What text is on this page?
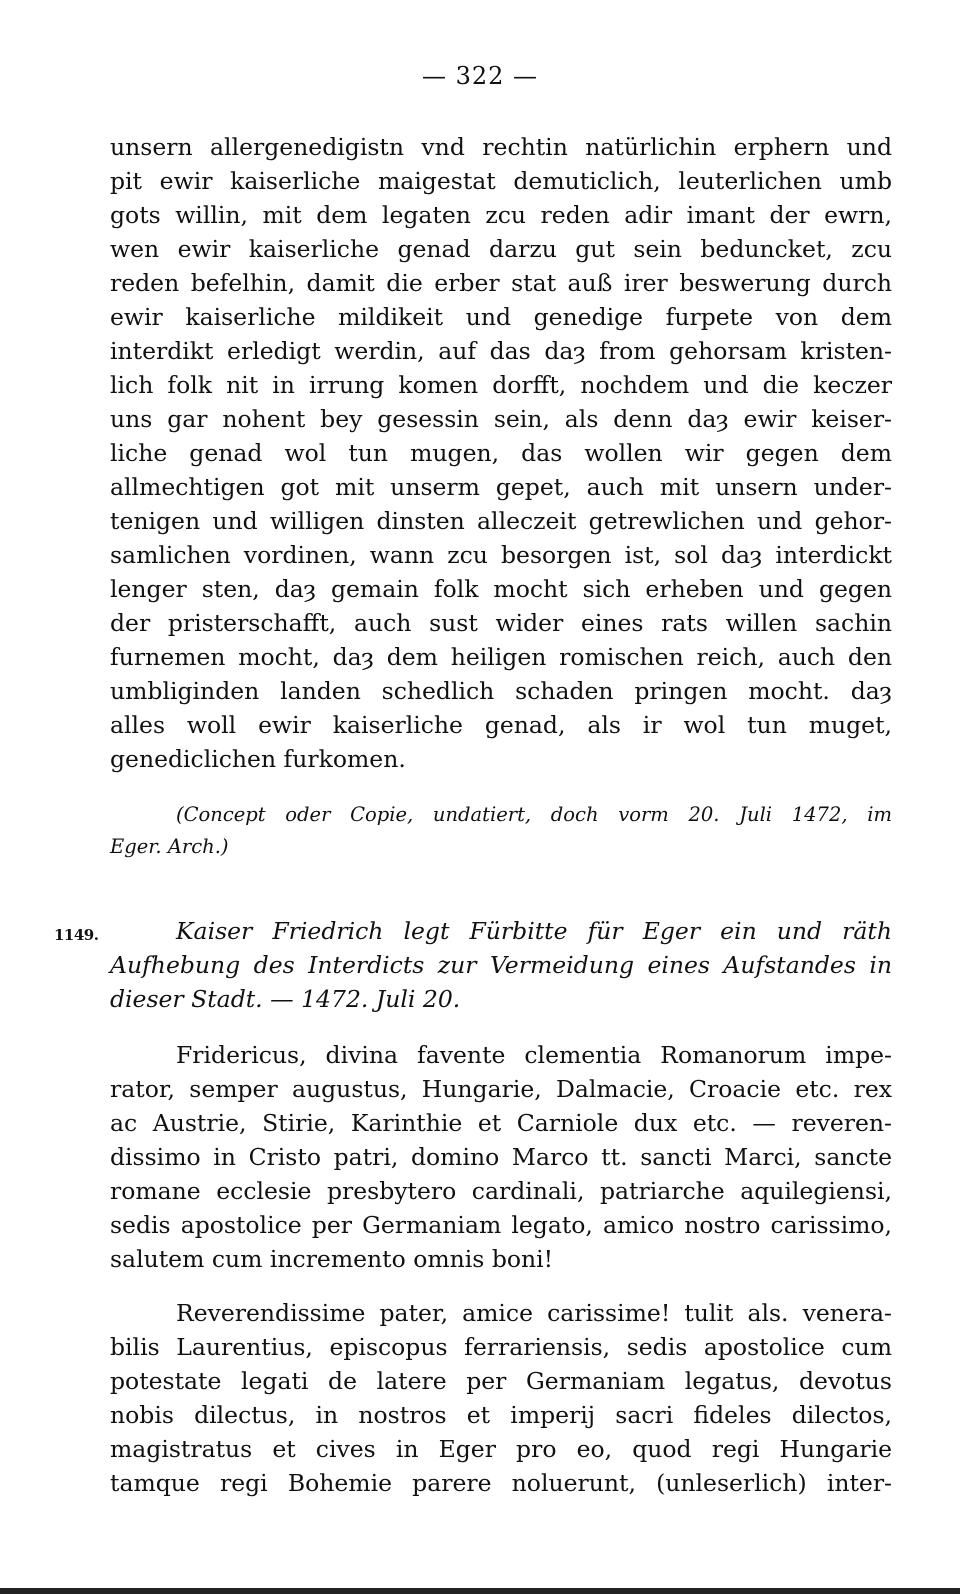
— 322 —
unsern allergenedigistn vnd rechtin natürlichin erphern und
pit ewir kaiserliche maigestat demuticlich, leuterlichen umb
gots willin, mit dem legaten zcu reden adir imant der ewrn,
wen ewir kaiserliche genad darzu gut sein beduncket, zcu
reden befelhin, damit die erber stat auß irer beswerung durch
ewir kaiserliche mildikeit und genedige furpete von dem
interdikt erledigt werdin, auf das daȝ from gehorsam kristen-
lich folk nit in irrung komen dorfft, nochdem und die keczer
uns gar nohent bey gesessin sein, als denn daȝ ewir keiser-
liche genad wol tun mugen, das wollen wir gegen dem
allmechtigen got mit unserm gepet, auch mit unsern under-
tenigen und willigen dinsten alleczeit getrewlichen und gehor-
samlichen vordinen, wann zcu besorgen ist, sol daȝ interdickt
lenger sten, daȝ gemain folk mocht sich erheben und gegen
der pristerschafft, auch sust wider eines rats willen sachin
furnemen mocht, daȝ dem heiligen romischen reich, auch den
umbliginden landen schedlich schaden pringen mocht. daȝ
alles woll ewir kaiserliche genad, als ir wol tun muget,
genediclichen furkomen.
(Concept oder Copie, undatiert, doch vorm 20. Juli 1472, im
Eger. Arch.)
1149.	Kaiser Friedrich legt Fürbitte für Eger ein und räth
Aufhebung des Interdicts zur Vermeidung eines Aufstandes in
dieser Stadt. — 1472. Juli 20.
Fridericus, divina favente clementia Romanorum impe-
rator, semper augustus, Hungarie, Dalmacie, Croacie etc. rex
ac Austrie, Stirie, Karinthie et Carniole dux etc. — reveren-
dissimo in Cristo patri, domino Marco tt. sancti Marci, sancte
romane ecclesie presbytero cardinali, patriarche aquilegiensi,
sedis apostolice per Germaniam legato, amico nostro carissimo,
salutem cum incremento omnis boni!
Reverendissime pater, amice carissime! tulit als. venera-
bilis Laurentius, episcopus ferrariensis, sedis apostolice cum
potestate legati de latere per Germaniam legatus, devotus
nobis dilectus, in nostros et imperij sacri fideles dilectos,
magistratus et cives in Eger pro eo, quod regi Hungarie
tamque regi Bohemie parere noluerunt, (unleserlich) inter-
